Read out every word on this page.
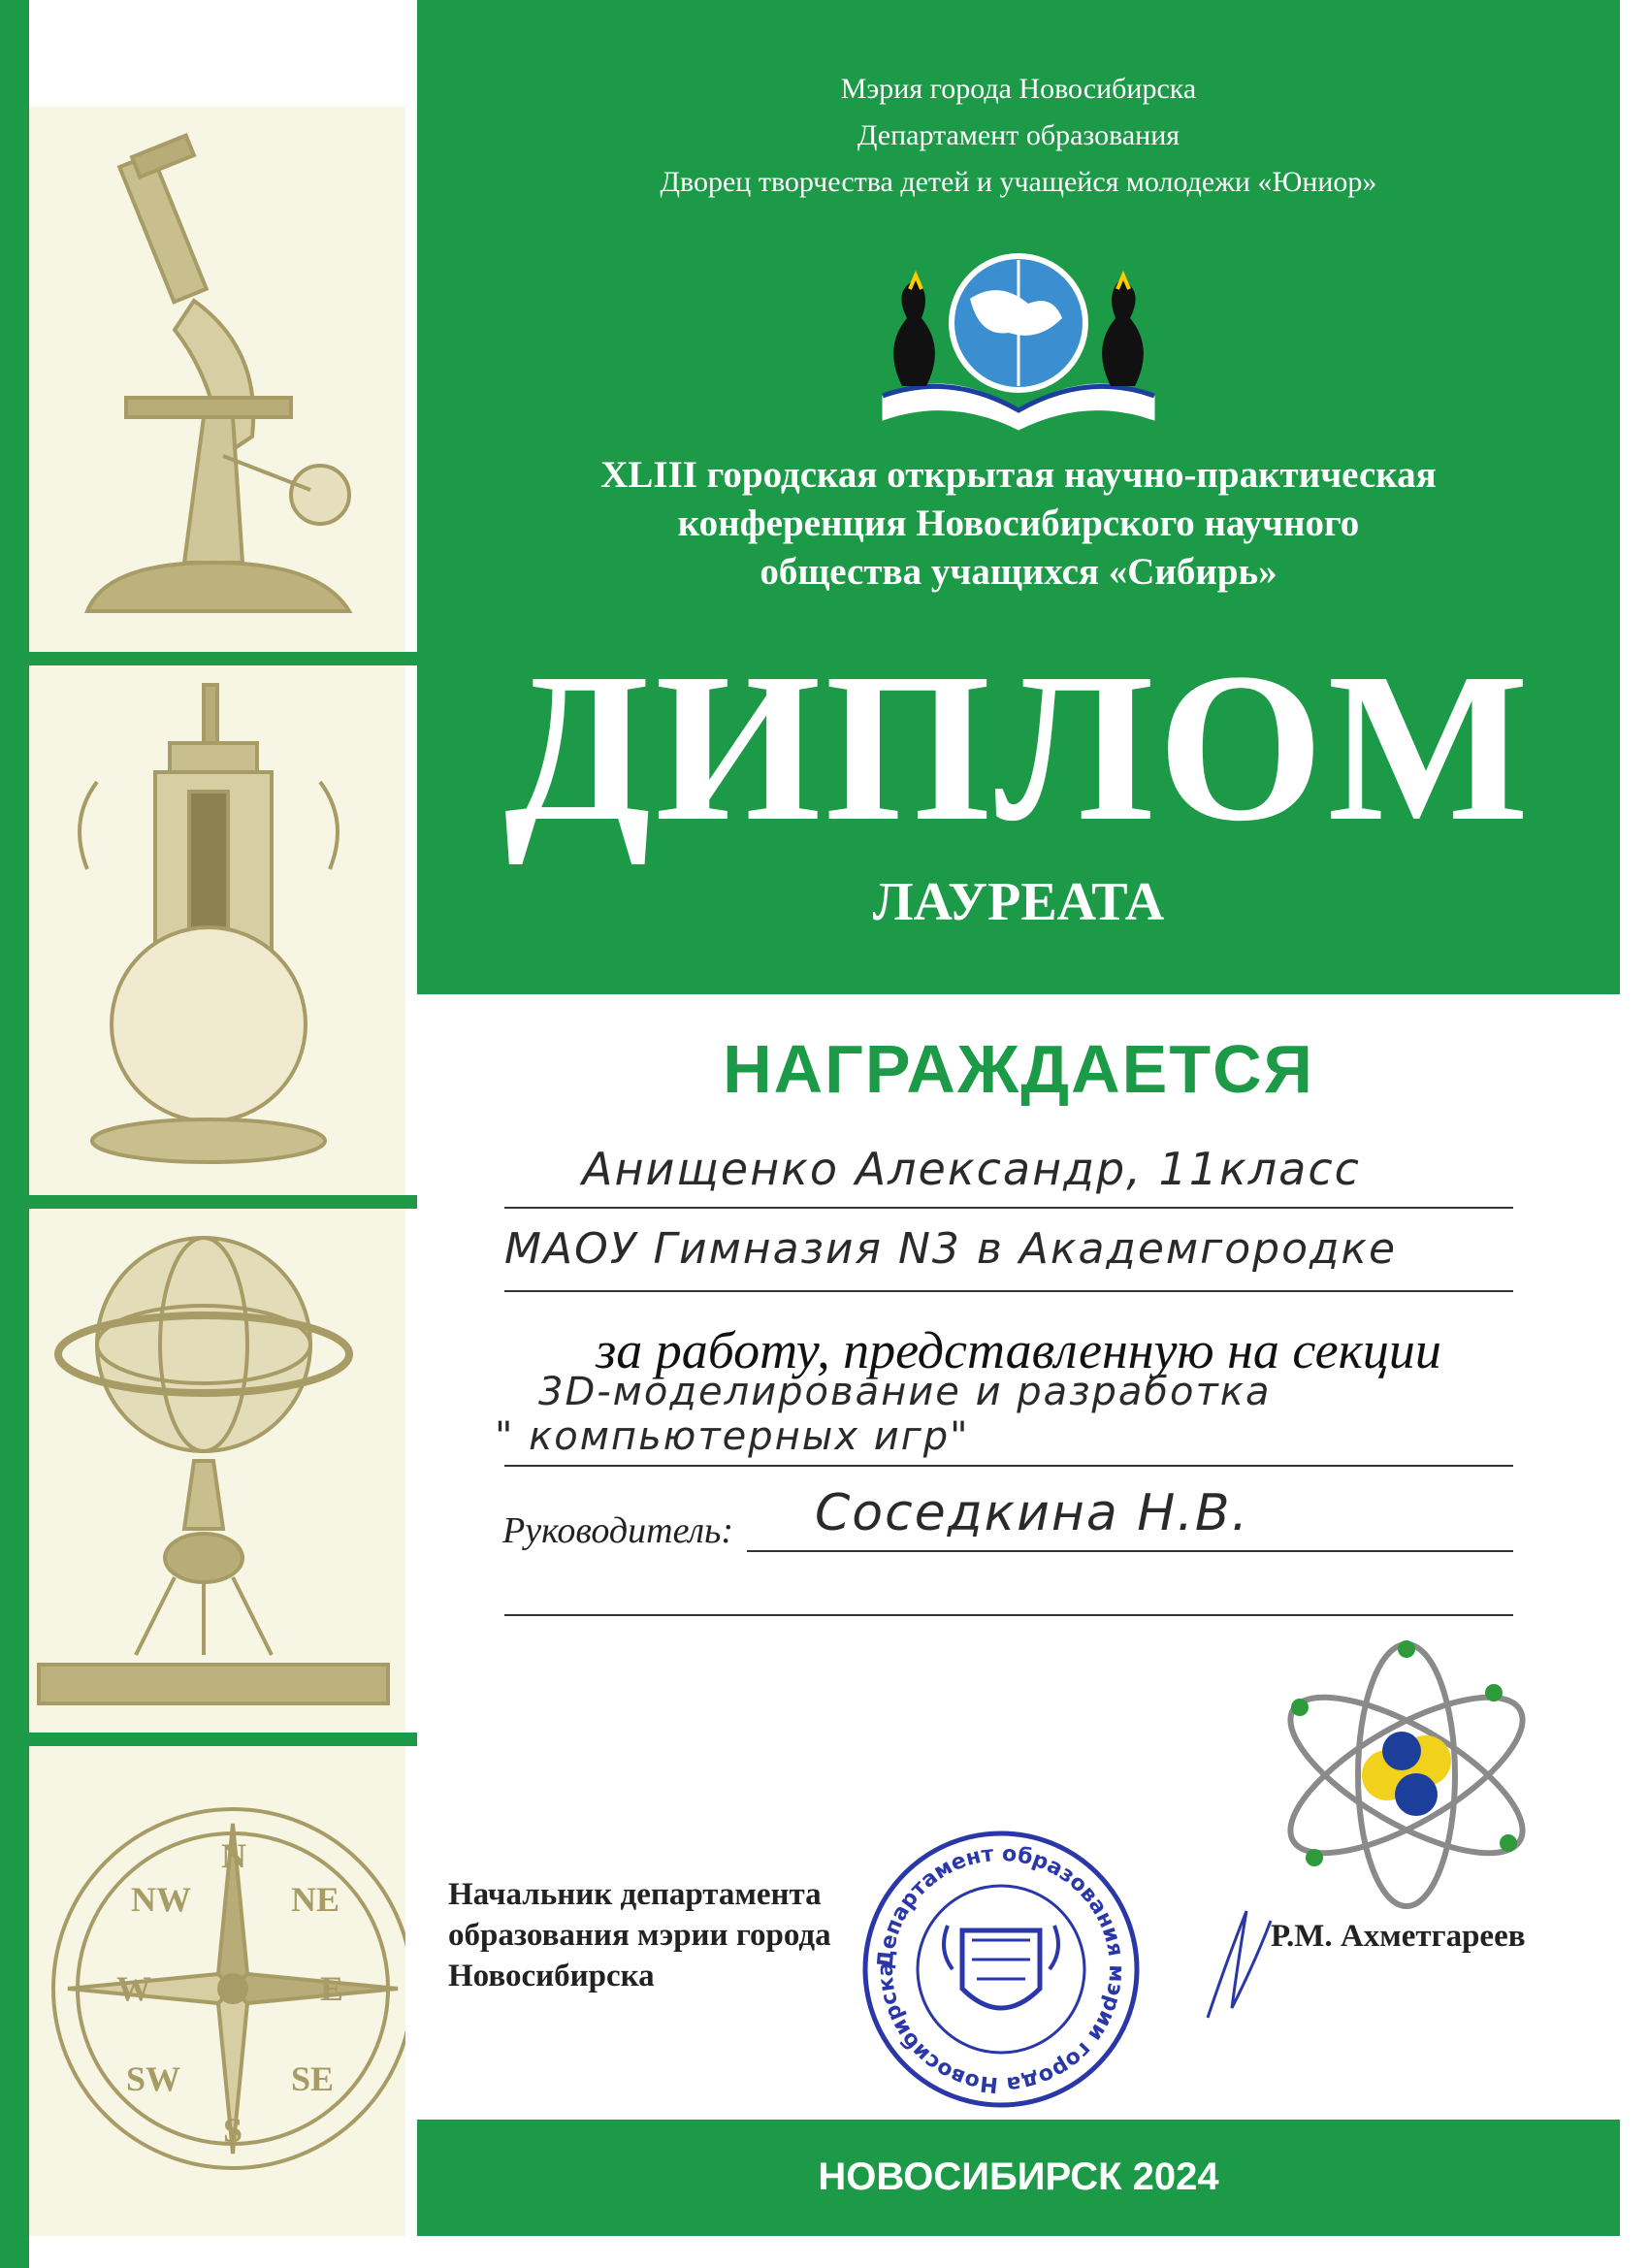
N
S
E
W
NE
NW
SE
SW
Мэрия города Новосибирска
Департамент образования
Дворец творчества детей и учащейся молодежи «Юниор»
XLIII городская открытая научно-практическая
конференция Новосибирского научного
общества учащихся «Сибирь»
ДИПЛОМ
ЛАУРЕАТА
НАГРАЖДАЕТСЯ
Анищенко Александр, 11класс
МАОУ Гимназия N3 в Академгородке
за работу, представленную на секции
3D-моделирование и разработка
" компьютерных игр"
Руководитель: Соседкина Н.В.
Начальник департамента
образования мэрии города
Новосибирска	Департамент образования мэрии города Новосибирска
Р.М. Ахметгареев
НОВОСИБИРСК 2024
